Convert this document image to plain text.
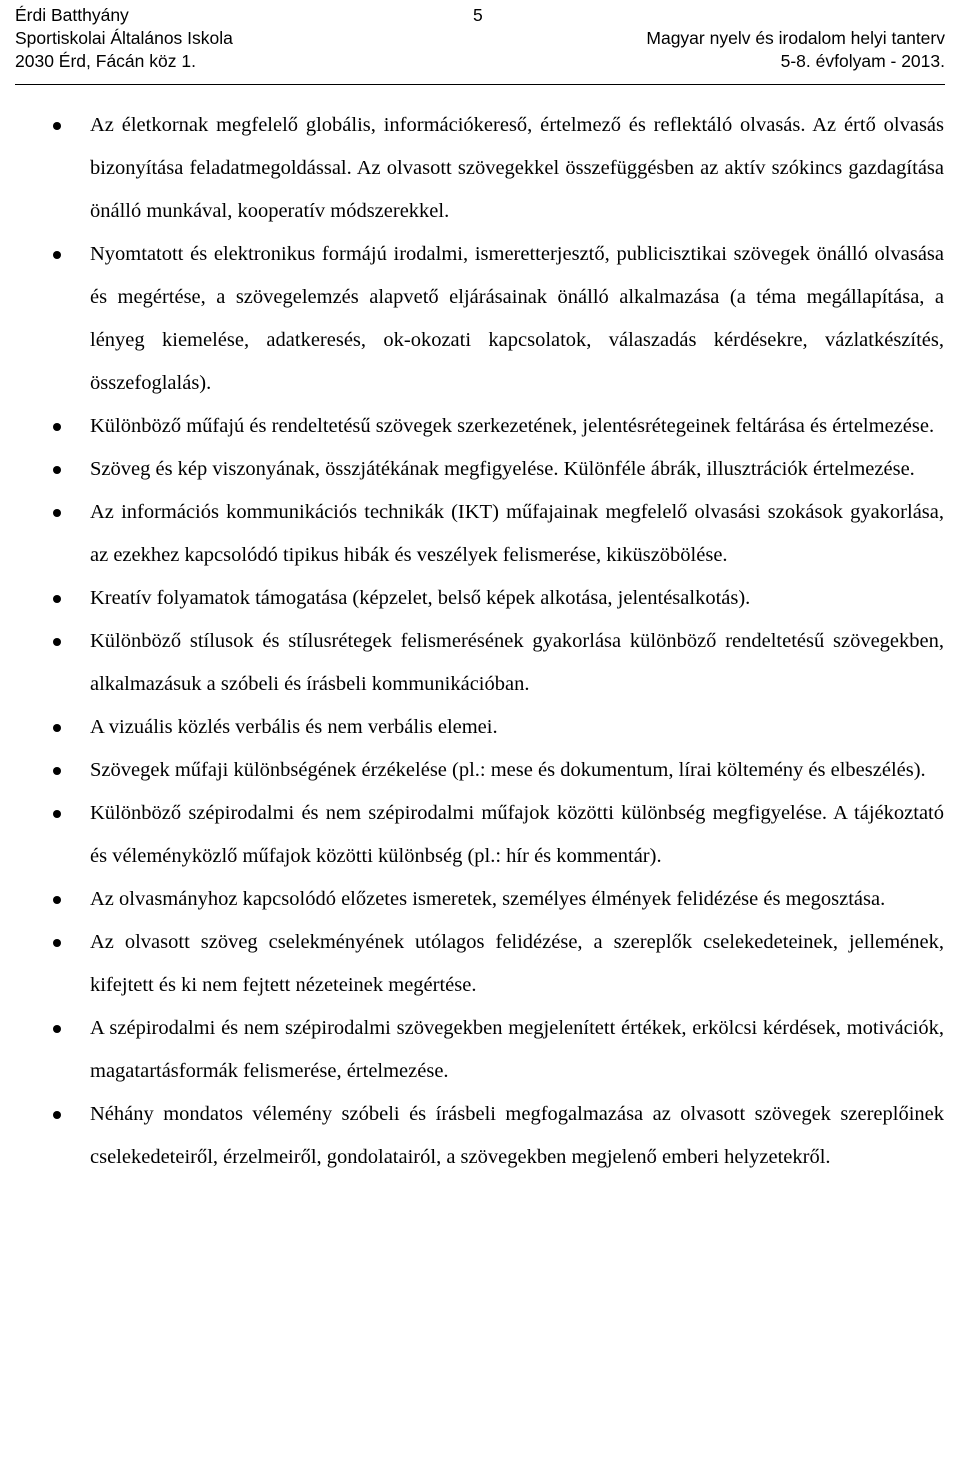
Érdi Batthyány
Sportiskolai Általános Iskola
2030 Érd, Fácán köz 1.
5
Magyar nyelv és irodalom helyi tanterv
5-8. évfolyam - 2013.
Az életkornak megfelelő globális, információkereső, értelmező és reflektáló olvasás. Az értő olvasás bizonyítása feladatmegoldással. Az olvasott szövegekkel összefüggésben az aktív szókincs gazdagítása önálló munkával, kooperatív módszerekkel.
Nyomtatott és elektronikus formájú irodalmi, ismeretterjesztő, publicisztikai szövegek önálló olvasása és megértése, a szövegelemzés alapvető eljárásainak önálló alkalmazása (a téma megállapítása, a lényeg kiemelése, adatkeresés, ok-okozati kapcsolatok, válaszadás kérdésekre, vázlatkészítés, összefoglalás).
Különböző műfajú és rendeltetésű szövegek szerkezetének, jelentésrétegeinek feltárása és értelmezése.
Szöveg és kép viszonyának, összjátékának megfigyelése. Különféle ábrák, illusztrációk értelmezése.
Az információs kommunikációs technikák (IKT) műfajainak megfelelő olvasási szokások gyakorlása, az ezekhez kapcsolódó tipikus hibák és veszélyek felismerése, kiküszöbölése.
Kreatív folyamatok támogatása (képzelet, belső képek alkotása, jelentésalkotás).
Különböző stílusok és stílusrétegek felismerésének gyakorlása különböző rendeltetésű szövegekben, alkalmazásuk a szóbeli és írásbeli kommunikációban.
A vizuális közlés verbális és nem verbális elemei.
Szövegek műfaji különbségének érzékelése (pl.: mese és dokumentum, lírai költemény és elbeszélés).
Különböző szépirodalmi és nem szépirodalmi műfajok közötti különbség megfigyelése. A tájékoztató és véleményközlő műfajok közötti különbség (pl.: hír és kommentár).
Az olvasmányhoz kapcsolódó előzetes ismeretek, személyes élmények felidézése és megosztása.
Az olvasott szöveg cselekményének utólagos felidézése, a szereplők cselekedeteinek, jellemének, kifejtett és ki nem fejtett nézeteinek megértése.
A szépirodalmi és nem szépirodalmi szövegekben megjelenített értékek, erkölcsi kérdések, motivációk, magatartásformák felismerése, értelmezése.
Néhány mondatos vélemény szóbeli és írásbeli megfogalmazása az olvasott szövegek szereplőinek cselekedeteiről, érzelmeiről, gondolatairól, a szövegekben megjelenő emberi helyzetekről.
